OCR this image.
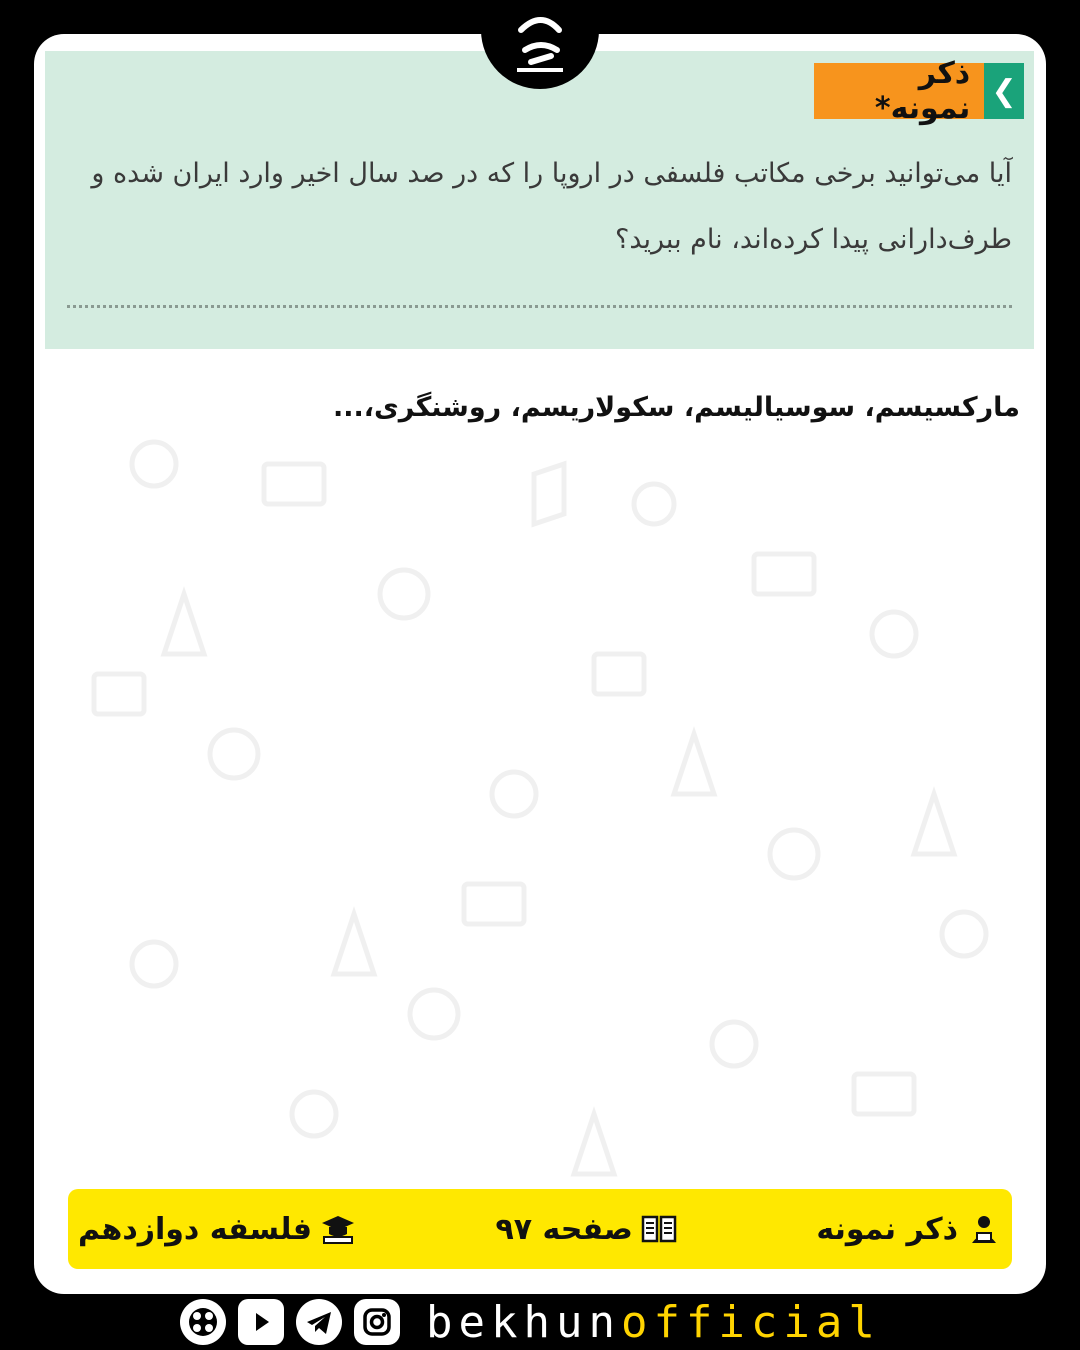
❮
ذکر نمونه*
آیا می‌توانید برخی مکاتب فلسفی در اروپا را که در صد سال اخیر وارد ایران شده و طرف‌دارانی پیدا کرده‌اند، نام ببرید؟
مارکسیسم، سوسیالیسم، سکولاریسم، روشنگری،...
ذکر نمونه
صفحه ۹۷
فلسفه دوازدهم
bekhunofficial
